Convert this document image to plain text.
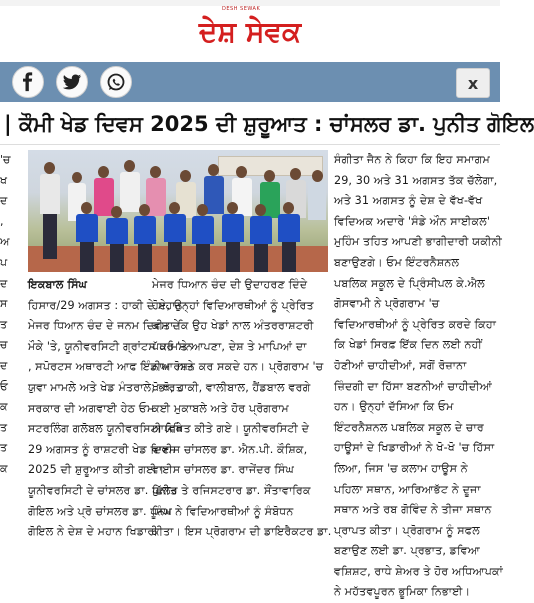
DESH SEWAK
ਦੇਸ਼ ਸੇਵਕ
x
| ਕੌਮੀ ਖੇਡ ਦਿਵਸ 2025 ਦੀ ਸ਼ੁਰੂਆਤ : ਚਾਂਸਲਰ ਡਾ. ਪੁਨੀਤ ਗੋਇਲ
'ਚ
ਖ
ਦ
,
ਅ
ਪ
ਦ
ਸ
ਤ
ਚ
ਦ
ਓ
ਕ
ਤ
ਤ
ਕ
ਇਕਬਾਲ ਸਿੰਘ
ਹਿਸਾਰ/29 ਅਗਸਤ : ਹਾਕੀ ਦੇ ਮਹਾਨ
ਮੇਜਰ ਧਿਆਨ ਚੰਦ ਦੇ ਜਨਮ ਦਿਵਸ ਦੇ
ਮੌਕੇ 'ਤੇ, ਯੂਨੀਵਰਸਿਟੀ ਗ੍ਰਾਂਟਸ ਕਮਿਸ਼ਨ
, ਸਪੋਰਟਸ ਅਥਾਰਟੀ ਆਫ ਇੰਡੀਆ ਅਤੇ
ਯੁਵਾ ਮਾਮਲੇ ਅਤੇ ਖੇਡ ਮੰਤਰਾਲੇ, ਭਾਰਤ
ਸਰਕਾਰ ਦੀ ਅਗਵਾਈ ਹੇਠ ਓਮ
ਸਟਰਲਿੰਗ ਗਲੋਬਲ ਯੂਨੀਵਰਸਿਟੀ ਵਿਖੇ
29 ਅਗਸਤ ਨੂੰ ਰਾਸ਼ਟਰੀ ਖੇਡ ਦਿਵਸ
2025 ਦੀ ਸ਼ੁਰੂਆਤ ਕੀਤੀ ਗਈ।
ਯੂਨੀਵਰਸਿਟੀ ਦੇ ਚਾਂਸਲਰ ਡਾ. ਪੁਨੀਤ
ਗੋਇਲ ਅਤੇ ਪ੍ਰੋ ਚਾਂਸਲਰ ਡਾ. ਪੂਨਮ
ਗੋਇਲ ਨੇ ਦੇਸ਼ ਦੇ ਮਹਾਨ ਖਿਡਾਰੀ
ਮੇਜਰ ਧਿਆਨ ਚੰਦ ਦੀ ਉਦਾਹਰਣ ਦਿੰਦੇ
ਹੋਏ, ਉਨ੍ਹਾਂ ਵਿਦਿਆਰਥੀਆਂ ਨੂੰ ਪ੍ਰੇਰਿਤ
ਕੀਤਾ ਕਿ ਉਹ ਖੇਡਾਂ ਨਾਲ ਅੰਤਰਰਾਸ਼ਟਰੀ
ਪੱਧਰ 'ਤੇ ਆਪਣਾ, ਦੇਸ਼ ਤੇ ਮਾਪਿਆਂ ਦਾ
ਨਾਮ ਰੋਸ਼ਨ ਕਰ ਸਕਦੇ ਹਨ। ਪ੍ਰੋਗਰਾਮ 'ਚ
ਖੋ ਖੋ, ਹਾਕੀ, ਵਾਲੀਬਾਲ, ਹੈਂਡਬਾਲ ਵਰਗੇ
ਕਈ ਮੁਕਾਬਲੇ ਅਤੇ ਹੋਰ ਪ੍ਰੋਗਰਾਮ
ਆਯੋਜਿਤ ਕੀਤੇ ਗਏ। ਯੂਨੀਵਰਸਿਟੀ ਦੇ
ਵਾਈਸ ਚਾਂਸਲਰ ਡਾ. ਐਨ.ਪੀ. ਕੌਸ਼ਿਕ,
ਵਾਈਸ ਚਾਂਸਲਰ ਡਾ. ਰਾਜੇਂਦਰ ਸਿੰਘ
ਛਿੱਲਰ ਤੇ ਰਜਿਸਟਰਾਰ ਡਾ. ਸੌਂਤਾਵਾਰਿਕ
ਸਿੰਘ ਨੇ ਵਿਦਿਆਰਥੀਆਂ ਨੂੰ ਸੰਬੋਧਨ
ਕੀਤਾ। ਇਸ ਪ੍ਰੋਗਰਾਮ ਦੀ ਡਾਇਰੈਕਟਰ ਡਾ.
ਸੰਗੀਤਾ ਜੈਨ ਨੇ ਕਿਹਾ ਕਿ ਇਹ ਸਮਾਗਮ
29, 30 ਅਤੇ 31 ਅਗਸਤ ਤੱਕ ਚੱਲੇਗਾ,
ਅਤੇ 31 ਅਗਸਤ ਨੂੰ ਦੇਸ਼ ਦੇ ਵੱਖ-ਵੱਖ
ਵਿਦਿਅਕ ਅਦਾਰੇ 'ਸੰਡੇ ਔਨ ਸਾਈਕਲ'
ਮੁਹਿੰਮ ਤਹਿਤ ਆਪਣੀ ਭਾਗੀਦਾਰੀ ਯਕੀਨੀ
ਬਣਾਉਣਗੇ। ਓਮ ਇੰਟਰਨੈਸ਼ਨਲ
ਪਬਲਿਕ ਸਕੂਲ ਦੇ ਪ੍ਰਿੰਸੀਪਲ ਕੇ.ਐਲ
ਗੋਸਵਾਮੀ ਨੇ ਪ੍ਰੋਗਰਾਮ 'ਚ
ਵਿਦਿਆਰਥੀਆਂ ਨੂੰ ਪ੍ਰੇਰਿਤ ਕਰਦੇ ਕਿਹਾ
ਕਿ ਖੇਡਾਂ ਸਿਰਫ਼ ਇੱਕ ਦਿਨ ਲਈ ਨਹੀਂ
ਹੋਣੀਆਂ ਚਾਹੀਦੀਆਂ, ਸਗੋਂ ਰੋਜ਼ਾਨਾ
ਜ਼ਿੰਦਗੀ ਦਾ ਹਿੱਸਾ ਬਣਨੀਆਂ ਚਾਹੀਦੀਆਂ
ਹਨ। ਉਨ੍ਹਾਂ ਦੱਸਿਆ ਕਿ ਓਮ
ਇੰਟਰਨੈਸ਼ਨਲ ਪਬਲਿਕ ਸਕੂਲ ਦੇ ਚਾਰ
ਹਾਊਸਾਂ ਦੇ ਖਿਡਾਰੀਆਂ ਨੇ ਖੋ-ਖੋ 'ਚ ਹਿੱਸਾ
ਲਿਆ, ਜਿਸ 'ਚ ਕਲਾਮ ਹਾਊਸ ਨੇ
ਪਹਿਲਾ ਸਥਾਨ, ਆਰਿਆਭੱਟ ਨੇ ਦੂਜਾ
ਸਥਾਨ ਅਤੇ ਰਬ ਗੋਵਿੰਦ ਨੇ ਤੀਜਾ ਸਥਾਨ
ਪ੍ਰਾਪਤ ਕੀਤਾ। ਪ੍ਰੋਗਰਾਮ ਨੂੰ ਸਫਲ
ਬਣਾਉਣ ਲਈ ਡਾ. ਪ੍ਰਭਾਤ, ਡਵਿਆ
ਵਸ਼ਿਸ਼ਟ, ਰਾਧੇ ਸ਼ੇਅਰ ਤੇ ਹੋਰ ਅਧਿਆਪਕਾਂ
ਨੇ ਮਹੱਤਵਪੂਰਨ ਭੂਮਿਕਾ ਨਿਭਾਈ।
